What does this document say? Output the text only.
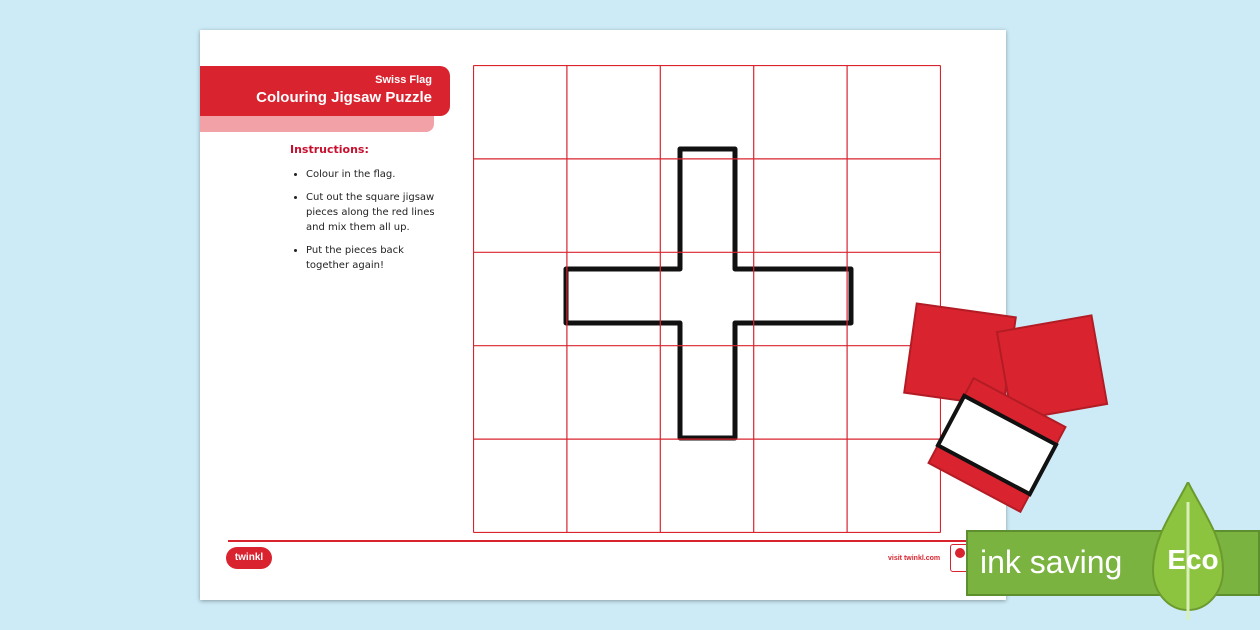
Swiss Flag
Colouring Jigsaw Puzzle
Instructions:
• Colour in the flag.
• Cut out the square jigsaw pieces along the red lines and mix them all up.
• Put the pieces back together again!
twinkl	visit twinkl.com ink saving	Eco
